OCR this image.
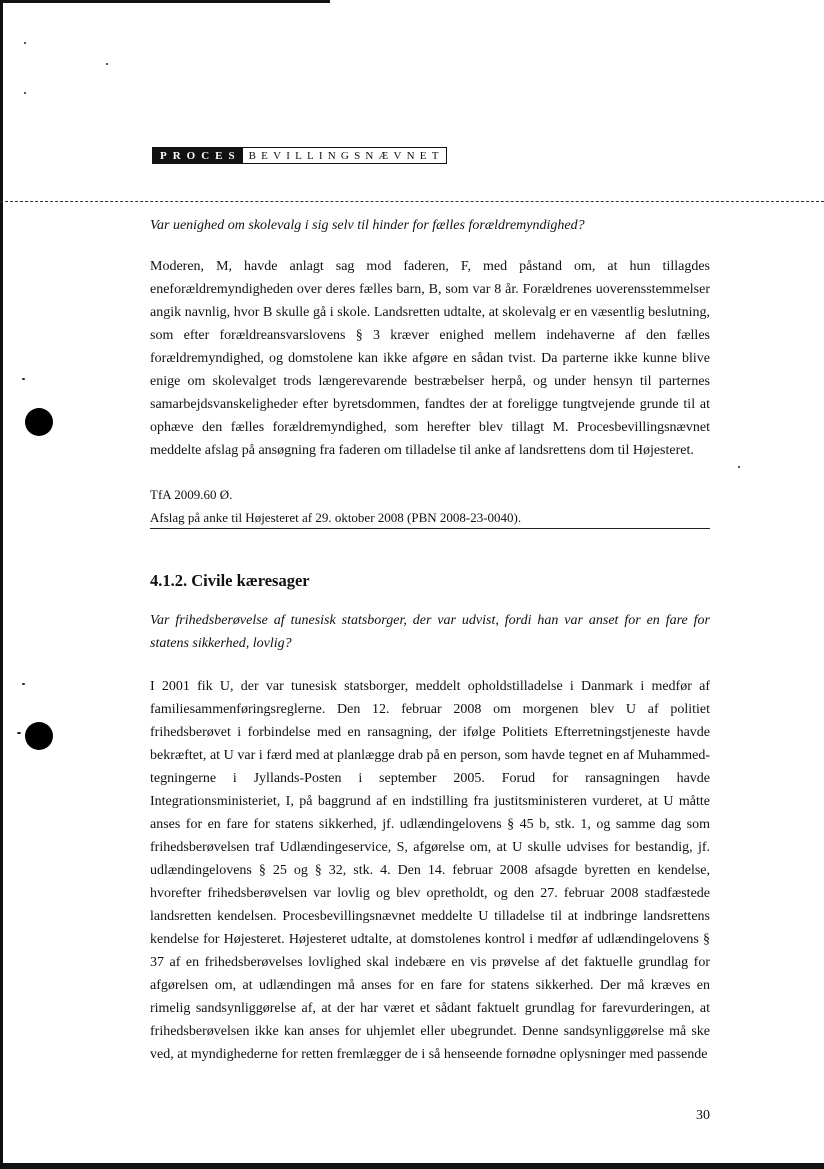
PROCES BEVILLINGSNÆVNET
Var uenighed om skolevalg i sig selv til hinder for fælles forældremyndighed?
Moderen, M, havde anlagt sag mod faderen, F, med påstand om, at hun tillagdes eneforældremyndigheden over deres fælles barn, B, som var 8 år. Forældrenes uoverensstemmelser angik navnlig, hvor B skulle gå i skole. Landsretten udtalte, at skolevalg er en væsentlig beslutning, som efter forældreansvarslovens § 3 kræver enighed mellem indehaverne af den fælles forældremyndighed, og domstolene kan ikke afgøre en sådan tvist. Da parterne ikke kunne blive enige om skolevalget trods længerevarende bestræbelser herpå, og under hensyn til parternes samarbejdsvanskeligheder efter byretsdommen, fandtes der at foreligge tungtvejende grunde til at ophæve den fælles forældremyndighed, som herefter blev tillagt M. Procesbevillingsnævnet meddelte afslag på ansøgning fra faderen om tilladelse til anke af landsrettens dom til Højesteret.
TfA 2009.60 Ø.
Afslag på anke til Højesteret af 29. oktober 2008 (PBN 2008-23-0040).
4.1.2. Civile kæresager
Var frihedsberøvelse af tunesisk statsborger, der var udvist, fordi han var anset for en fare for statens sikkerhed, lovlig?
I 2001 fik U, der var tunesisk statsborger, meddelt opholdstilladelse i Danmark i medfør af familiesammenføringsreglerne. Den 12. februar 2008 om morgenen blev U af politiet frihedsberøvet i forbindelse med en ransagning, der ifølge Politiets Efterretningstjeneste havde bekræftet, at U var i færd med at planlægge drab på en person, som havde tegnet en af Muhammed-tegningerne i Jyllands-Posten i september 2005. Forud for ransagningen havde Integrationsministeriet, I, på baggrund af en indstilling fra justitsministeren vurderet, at U måtte anses for en fare for statens sikkerhed, jf. udlændingelovens § 45 b, stk. 1, og samme dag som frihedsberøvelsen traf Udlændingeservice, S, afgørelse om, at U skulle udvises for bestandig, jf. udlændingelovens § 25 og § 32, stk. 4. Den 14. februar 2008 afsagde byretten en kendelse, hvorefter frihedsberøvelsen var lovlig og blev opretholdt, og den 27. februar 2008 stadfæstede landsretten kendelsen. Procesbevillingsnævnet meddelte U tilladelse til at indbringe landsrettens kendelse for Højesteret. Højesteret udtalte, at domstolenes kontrol i medfør af udlændingelovens § 37 af en frihedsberøvelses lovlighed skal indebære en vis prøvelse af det faktuelle grundlag for afgørelsen om, at udlændingen må anses for en fare for statens sikkerhed. Der må kræves en rimelig sandsynliggørelse af, at der har været et sådant faktuelt grundlag for farevurderingen, at frihedsberøvelsen ikke kan anses for uhjemlet eller ubegrundet. Denne sandsynliggørelse må ske ved, at myndighederne for retten fremlægger de i så henseende fornødne oplysninger med passende
30
